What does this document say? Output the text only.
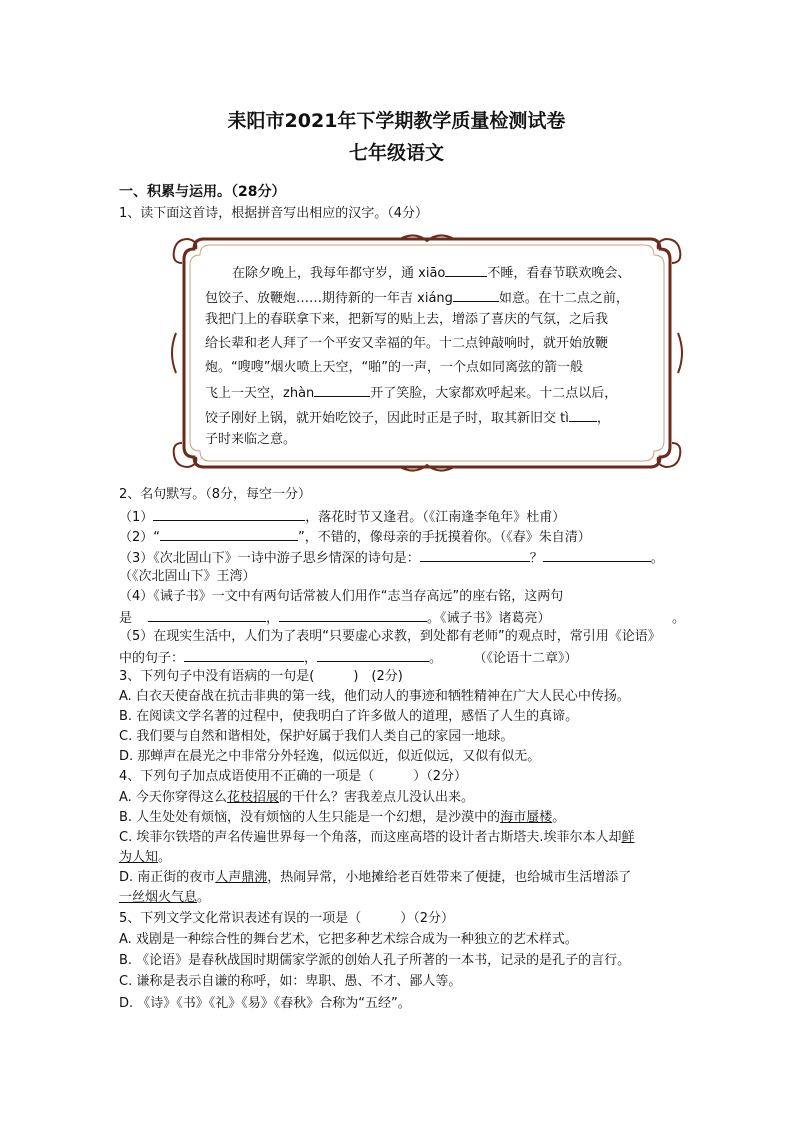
耒阳市2021年下学期教学质量检测试卷
七年级语文
一、积累与运用。（28分）
1、读下面这首诗，根据拼音写出相应的汉字。（4分）
在除夕晚上，我每年都守岁，通 xiāo	不睡，看春节联欢晚会、
包饺子、放鞭炮……期待新的一年吉 xiáng	如意。在十二点之前，
我把门上的春联拿下来，把新写的贴上去，增添了喜庆的气氛，之后我
给长辈和老人拜了一个平安又幸福的年。十二点钟敲响时，就开始放鞭
炮。“嗖嗖”烟火喷上天空，“啪”的一声，一个点如同离弦的箭一般
飞上一天空，zhàn	开了笑脸，大家都欢呼起来。十二点以后，
饺子刚好上锅，就开始吃饺子，因此时正是子时，取其新旧交 tì ，
子时来临之意。
2、名句默写。（8分，每空一分）
（1）	，落花时节又逢君。（《江南逢李龟年》杜甫）
（2）“	”，不错的，像母亲的手抚摸着你。（《春》朱自清）
（3）《次北固山下》一诗中游子思乡情深的诗句是：	？	。
（《次北固山下》王湾）
（4）《诫子书》一文中有两句话常被人们用作“志当存高远”的座右铭，这两句
是	，	。《诫子书》诸葛亮）	。
（5）在现实生活中，人们为了表明“只要虚心求教，到处都有老师”的观点时，常引用《论语》
中的句子：	，	。	（《论语十二章》）
3、下列句子中没有语病的一句是(　　　)　(2分)
A. 白衣天使奋战在抗击非典的第一线，他们动人的事迹和牺牲精神在广大人民心中传扬。
B. 在阅读文学名著的过程中，使我明白了许多做人的道理，感悟了人生的真谛。
C. 我们要与自然和谐相处，保护好属于我们人类自己的家园一地球。
D. 那蝉声在晨光之中非常分外轻逸，似远似近，似近似远，又似有似无。
4、下列句子加点成语使用不正确的一项是（　　　）（2分）
A. 今天你穿得这么花枝招展的干什么？害我差点儿没认出来。
B. 人生处处有烦恼，没有烦恼的人生只能是一个幻想，是沙漠中的海市蜃楼。
C. 埃菲尔铁塔的声名传遍世界每一个角落，而这座高塔的设计者古斯塔夫.埃菲尔本人却鲜
为人知。
D. 南正街的夜市人声鼎沸，热闹异常，小地摊给老百姓带来了便捷，也给城市生活增添了
一丝烟火气息。
5、下列文学文化常识表述有误的一项是（　　　）（2分）
A. 戏剧是一种综合性的舞台艺术，它把多种艺术综合成为一种独立的艺术样式。
B. 《论语》是春秋战国时期儒家学派的创始人孔子所著的一本书，记录的是孔子的言行。
C. 谦称是表示自谦的称呼，如：卑职、愚、不才、鄙人等。
D. 《诗》《书》《礼》《易》《春秋》合称为“五经”。
